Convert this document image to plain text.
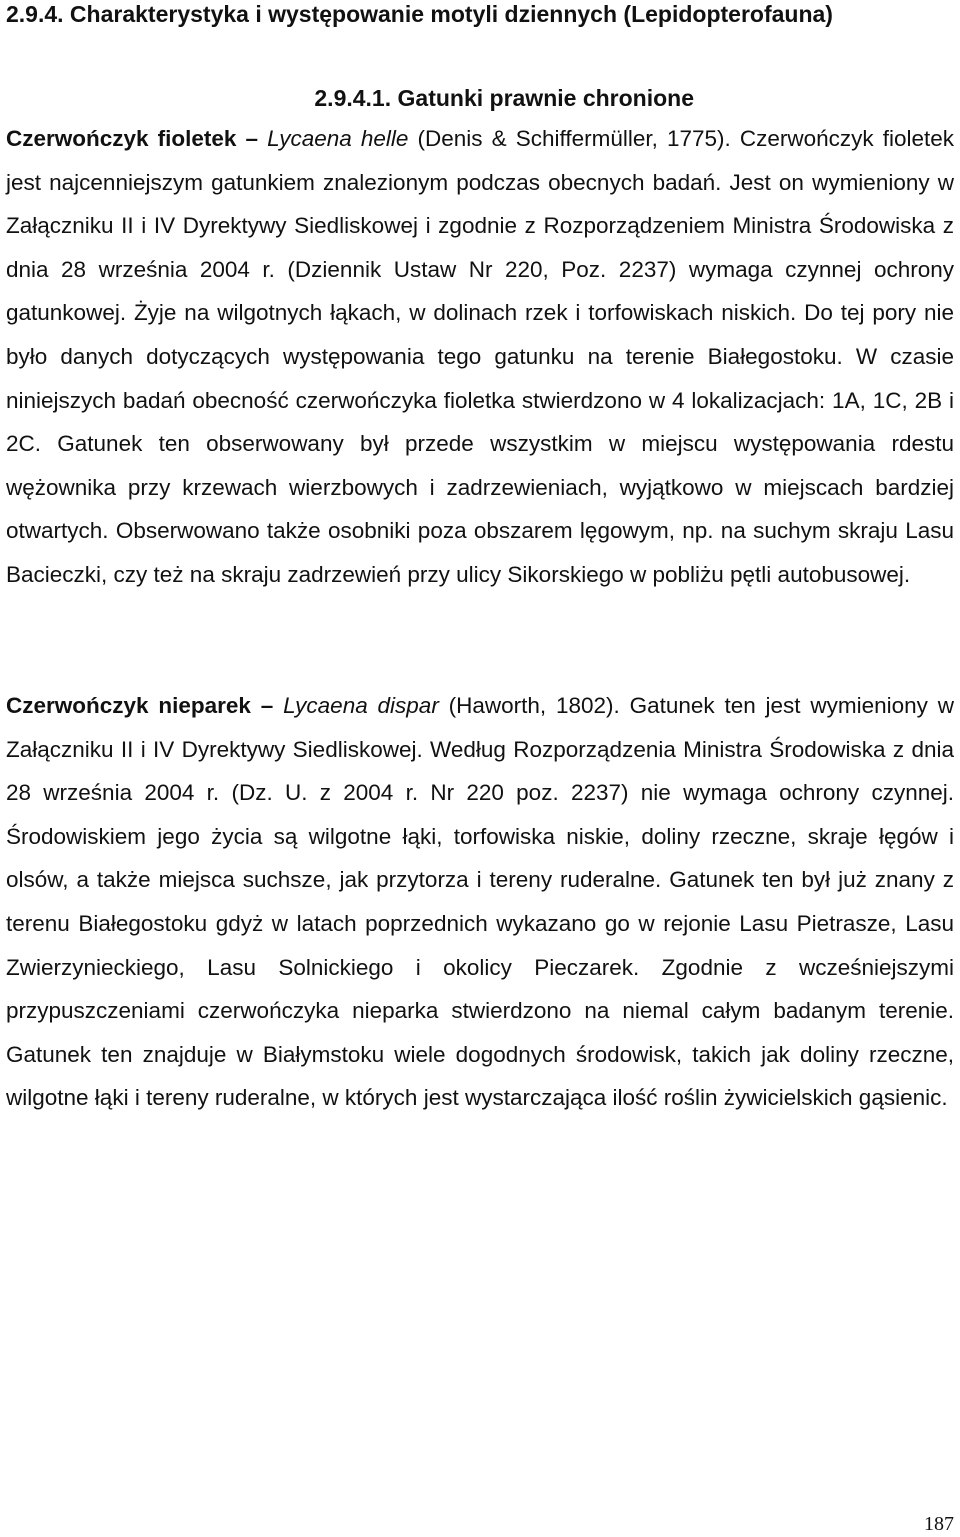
2.9.4. Charakterystyka i występowanie motyli dziennych (Lepidopterofauna)
2.9.4.1. Gatunki prawnie chronione

Czerwończyk fioletek – Lycaena helle (Denis & Schiffermüller, 1775). Czerwończyk fioletek jest najcenniejszym gatunkiem znalezionym podczas obecnych badań. Jest on wymieniony w Załączniku II i IV Dyrektywy Siedliskowej i zgodnie z Rozporządzeniem Ministra Środowiska z dnia 28 września 2004 r. (Dziennik Ustaw Nr 220, Poz. 2237) wymaga czynnej ochrony gatunkowej. Żyje na wilgotnych łąkach, w dolinach rzek i torfowiskach niskich. Do tej pory nie było danych dotyczących występowania tego gatunku na terenie Białegostoku. W czasie niniejszych badań obecność czerwończyka fioletka stwierdzono w 4 lokalizacjach: 1A, 1C, 2B i 2C. Gatunek ten obserwowany był przede wszystkim w miejscu występowania rdestu wężownika przy krzewach wierzbowych i zadrzewieniach, wyjątkowo w miejscach bardziej otwartych. Obserwowano także osobniki poza obszarem lęgowym, np. na suchym skraju Lasu Bacieczki, czy też na skraju zadrzewień przy ulicy Sikorskiego w pobliżu pętli autobusowej.

Czerwończyk nieparek – Lycaena dispar (Haworth, 1802). Gatunek ten jest wymieniony w Załączniku II i IV Dyrektywy Siedliskowej. Według Rozporządzenia Ministra Środowiska z dnia 28 września 2004 r. (Dz. U. z 2004 r. Nr 220 poz. 2237) nie wymaga ochrony czynnej. Środowiskiem jego życia są wilgotne łąki, torfowiska niskie, doliny rzeczne, skraje łęgów i olsów, a także miejsca suchsze, jak przytorza i tereny ruderalne. Gatunek ten był już znany z terenu Białegostoku gdyż w latach poprzednich wykazano go w rejonie Lasu Pietrasze, Lasu Zwierzynieckiego, Lasu Solnickiego i okolicy Pieczarek. Zgodnie z wcześniejszymi przypuszczeniami czerwończyka nieparka stwierdzono na niemal całym badanym terenie. Gatunek ten znajduje w Białymstoku wiele dogodnych środowisk, takich jak doliny rzeczne, wilgotne łąki i tereny ruderalne, w których jest wystarczająca ilość roślin żywicielskich gąsienic.

187
